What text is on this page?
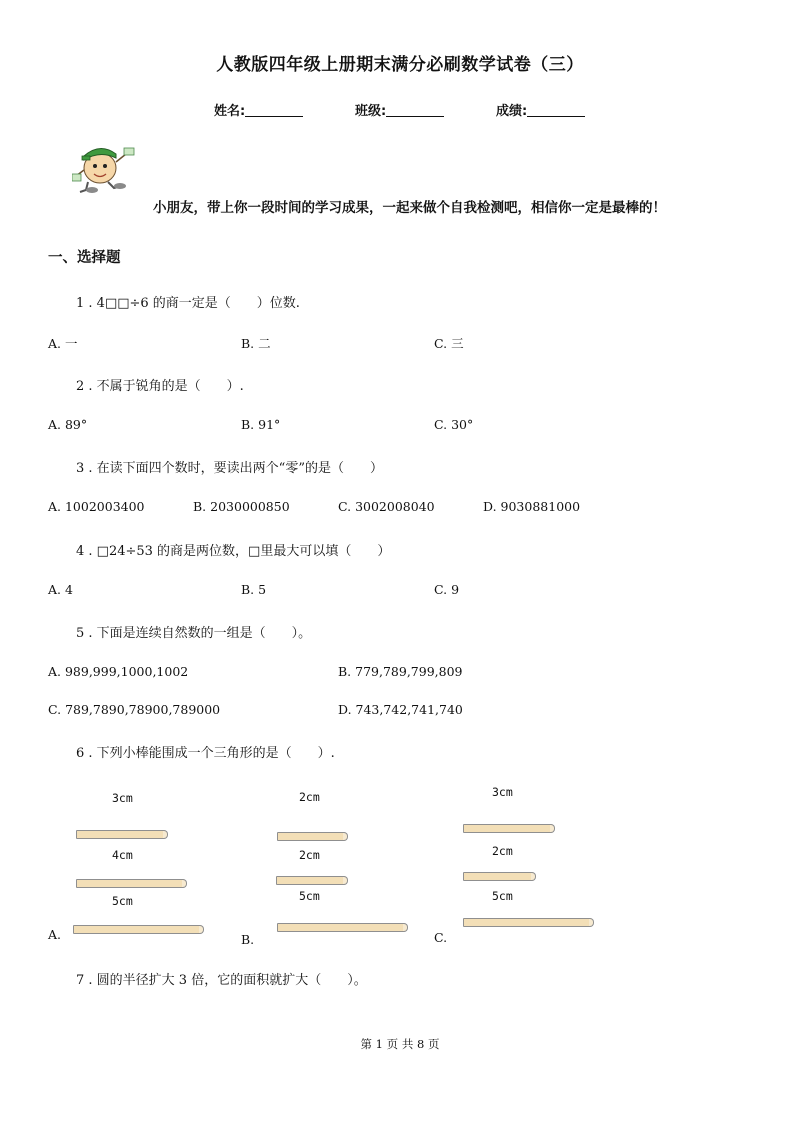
人教版四年级上册期末满分必刷数学试卷（三）
姓名:	班级:	成绩:
小朋友，带上你一段时间的学习成果，一起来做个自我检测吧，相信你一定是最棒的！
一、选择题
1 . 4□□÷6 的商一定是（　　）位数.
A. 一	B. 二	C. 三
2 . 不属于锐角的是（　　）.
A. 89°	B. 91°	C. 30°
3 . 在读下面四个数时，要读出两个“零”的是（　　）
A. 1002003400	B. 2030000850	C. 3002008040	D. 9030881000
4 . □24÷53 的商是两位数，□里最大可以填（　　）
A. 4	B. 5	C. 9
5 . 下面是连续自然数的一组是（　　）。
A. 989,999,1000,1002	B. 779,789,799,809
C. 789,7890,78900,789000	D. 743,742,741,740
6 . 下列小棒能围成一个三角形的是（　　）.
3cm
4cm
5cm
A.
2cm
2cm
5cm
B.
3cm
2cm
5cm
C.
7 . 圆的半径扩大 3 倍，它的面积就扩大（　　）。
第 1 页 共 8 页
